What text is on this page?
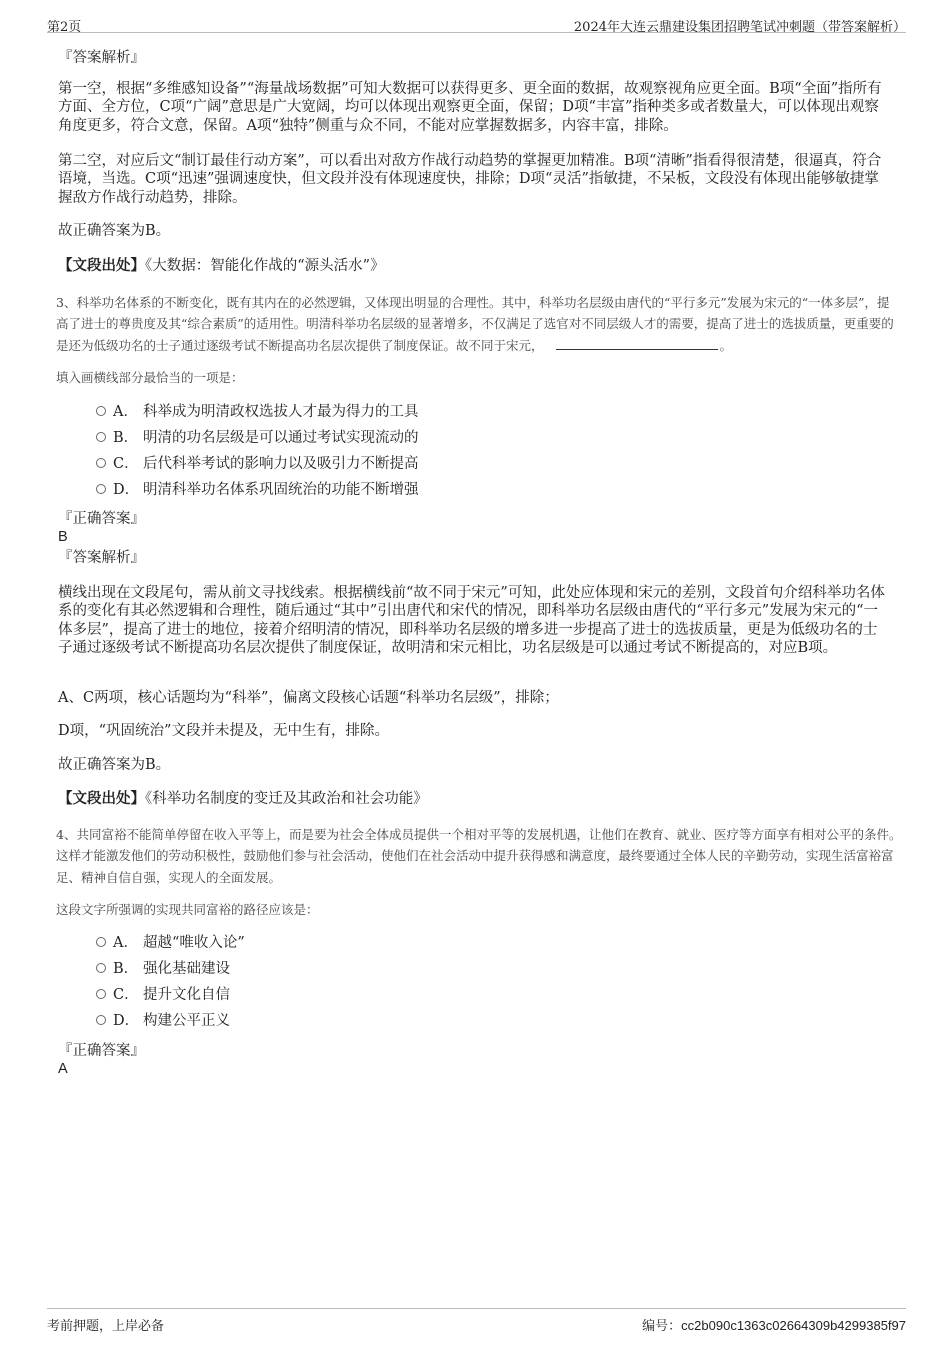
第2页	2024年大连云鼎建设集团招聘笔试冲刺题（带答案解析）

『答案解析』

第一空，根据“多维感知设备”“海量战场数据”可知大数据可以获得更多、更全面的数据，故观察视角应更全面。B项“全面”指所有方面、全方位，C项“广阔”意思是广大宽阔，均可以体现出观察更全面，保留；D项“丰富”指种类多或者数量大，可以体现出观察角度更多，符合文意，保留。A项“独特”侧重与众不同，不能对应掌握数据多，内容丰富，排除。

第二空，对应后文“制订最佳行动方案”，可以看出对敌方作战行动趋势的掌握更加精准。B项“清晰”指看得很清楚，很逼真，符合语境，当选。C项“迅速”强调速度快，但文段并没有体现速度快，排除；D项“灵活”指敏捷，不呆板，文段没有体现出能够敏捷掌握敌方作战行动趋势，排除。

故正确答案为B。

【文段出处】《大数据：智能化作战的“源头活水”》

3、科举功名体系的不断变化，既有其内在的必然逻辑，又体现出明显的合理性。其中，科举功名层级由唐代的“平行多元”发展为宋元的“一体多层”，提高了进士的尊贵度及其“综合素质”的适用性。明清科举功名层级的显著增多，不仅满足了选官对不同层级人才的需要，提高了进士的选拔质量，更重要的是还为低级功名的士子通过逐级考试不断提高功名层次提供了制度保证。故不同于宋元，	。

填入画横线部分最恰当的一项是：

A． 科举成为明清政权选拔人才最为得力的工具
B． 明清的功名层级是可以通过考试实现流动的
C． 后代科举考试的影响力以及吸引力不断提高
D． 明清科举功名体系巩固统治的功能不断增强

『正确答案』

B

『答案解析』

横线出现在文段尾句，需从前文寻找线索。根据横线前“故不同于宋元”可知，此处应体现和宋元的差别，文段首句介绍科举功名体系的变化有其必然逻辑和合理性，随后通过“其中”引出唐代和宋代的情况，即科举功名层级由唐代的“平行多元”发展为宋元的“一体多层”，提高了进士的地位，接着介绍明清的情况，即科举功名层级的增多进一步提高了进士的选拔质量，更是为低级功名的士子通过逐级考试不断提高功名层次提供了制度保证，故明清和宋元相比，功名层级是可以通过考试不断提高的，对应B项。

A、C两项，核心话题均为“科举”，偏离文段核心话题“科举功名层级”，排除；

D项，“巩固统治”文段并未提及，无中生有，排除。

故正确答案为B。

【文段出处】《科举功名制度的变迁及其政治和社会功能》

4、共同富裕不能简单停留在收入平等上，而是要为社会全体成员提供一个相对平等的发展机遇，让他们在教育、就业、医疗等方面享有相对公平的条件。这样才能激发他们的劳动积极性，鼓励他们参与社会活动，使他们在社会活动中提升获得感和满意度，最终要通过全体人民的辛勤劳动，实现生活富裕富足、精神自信自强，实现人的全面发展。

这段文字所强调的实现共同富裕的路径应该是：

A． 超越“唯收入论”
B． 强化基础建设
C． 提升文化自信
D． 构建公平正义

『正确答案』

A

考前押题，上岸必备	编号：cc2b090c1363c02664309b4299385f97
